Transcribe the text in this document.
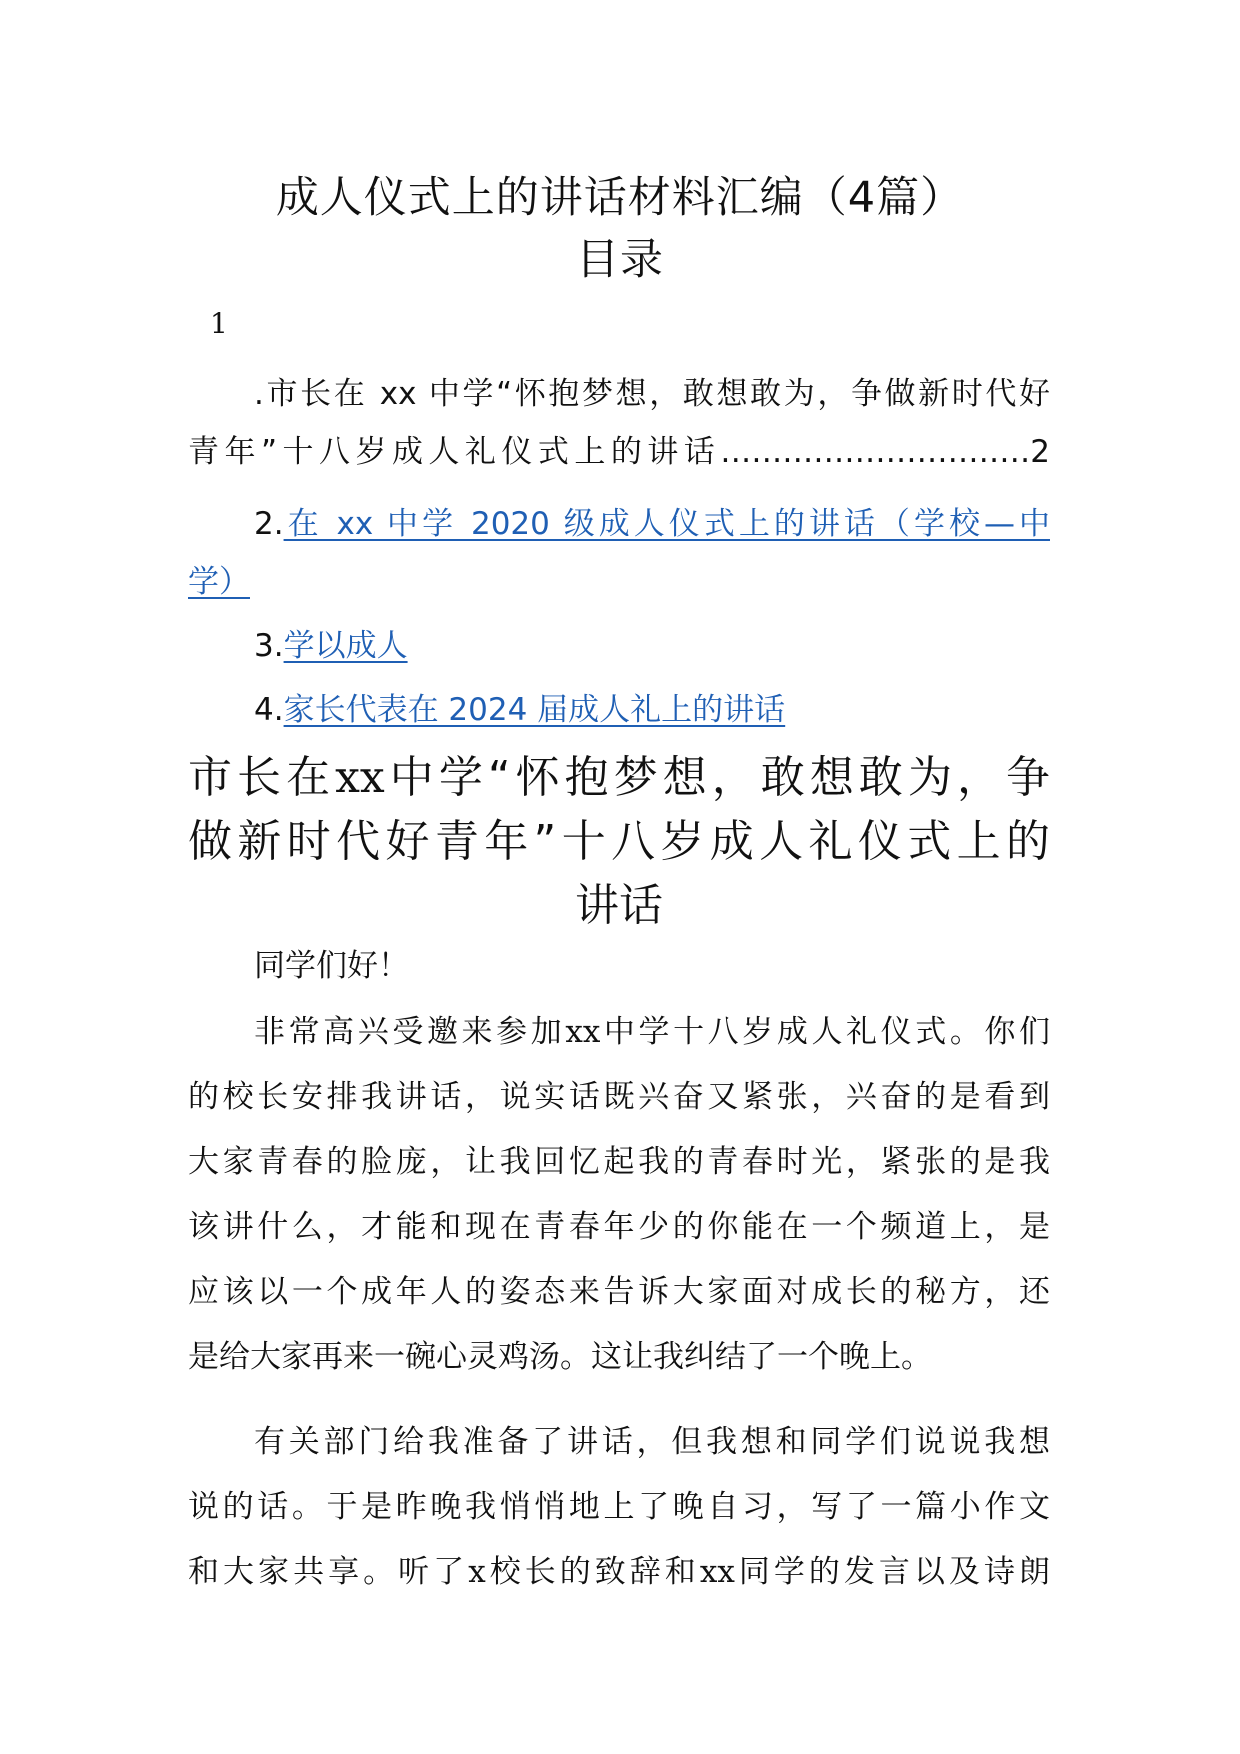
成人仪式上的讲话材料汇编（4篇）
目录
1
.市长在 xx 中学“怀抱梦想，敢想敢为，争做新时代好
青年”十八岁成人礼仪式上的讲话…………………………2
2.在 xx 中学 2020 级成人仪式上的讲话（学校—中
学）
3.学以成人
4.家长代表在 2024 届成人礼上的讲话
市长在xx中学“怀抱梦想，敢想敢为，争
做新时代好青年”十八岁成人礼仪式上的
讲话
同学们好！
非常高兴受邀来参加xx中学十八岁成人礼仪式。你们
的校长安排我讲话，说实话既兴奋又紧张，兴奋的是看到
大家青春的脸庞，让我回忆起我的青春时光，紧张的是我
该讲什么，才能和现在青春年少的你能在一个频道上，是
应该以一个成年人的姿态来告诉大家面对成长的秘方，还
是给大家再来一碗心灵鸡汤。这让我纠结了一个晚上。
有关部门给我准备了讲话，但我想和同学们说说我想
说的话。于是昨晚我悄悄地上了晚自习，写了一篇小作文
和大家共享。听了x校长的致辞和xx同学的发言以及诗朗
